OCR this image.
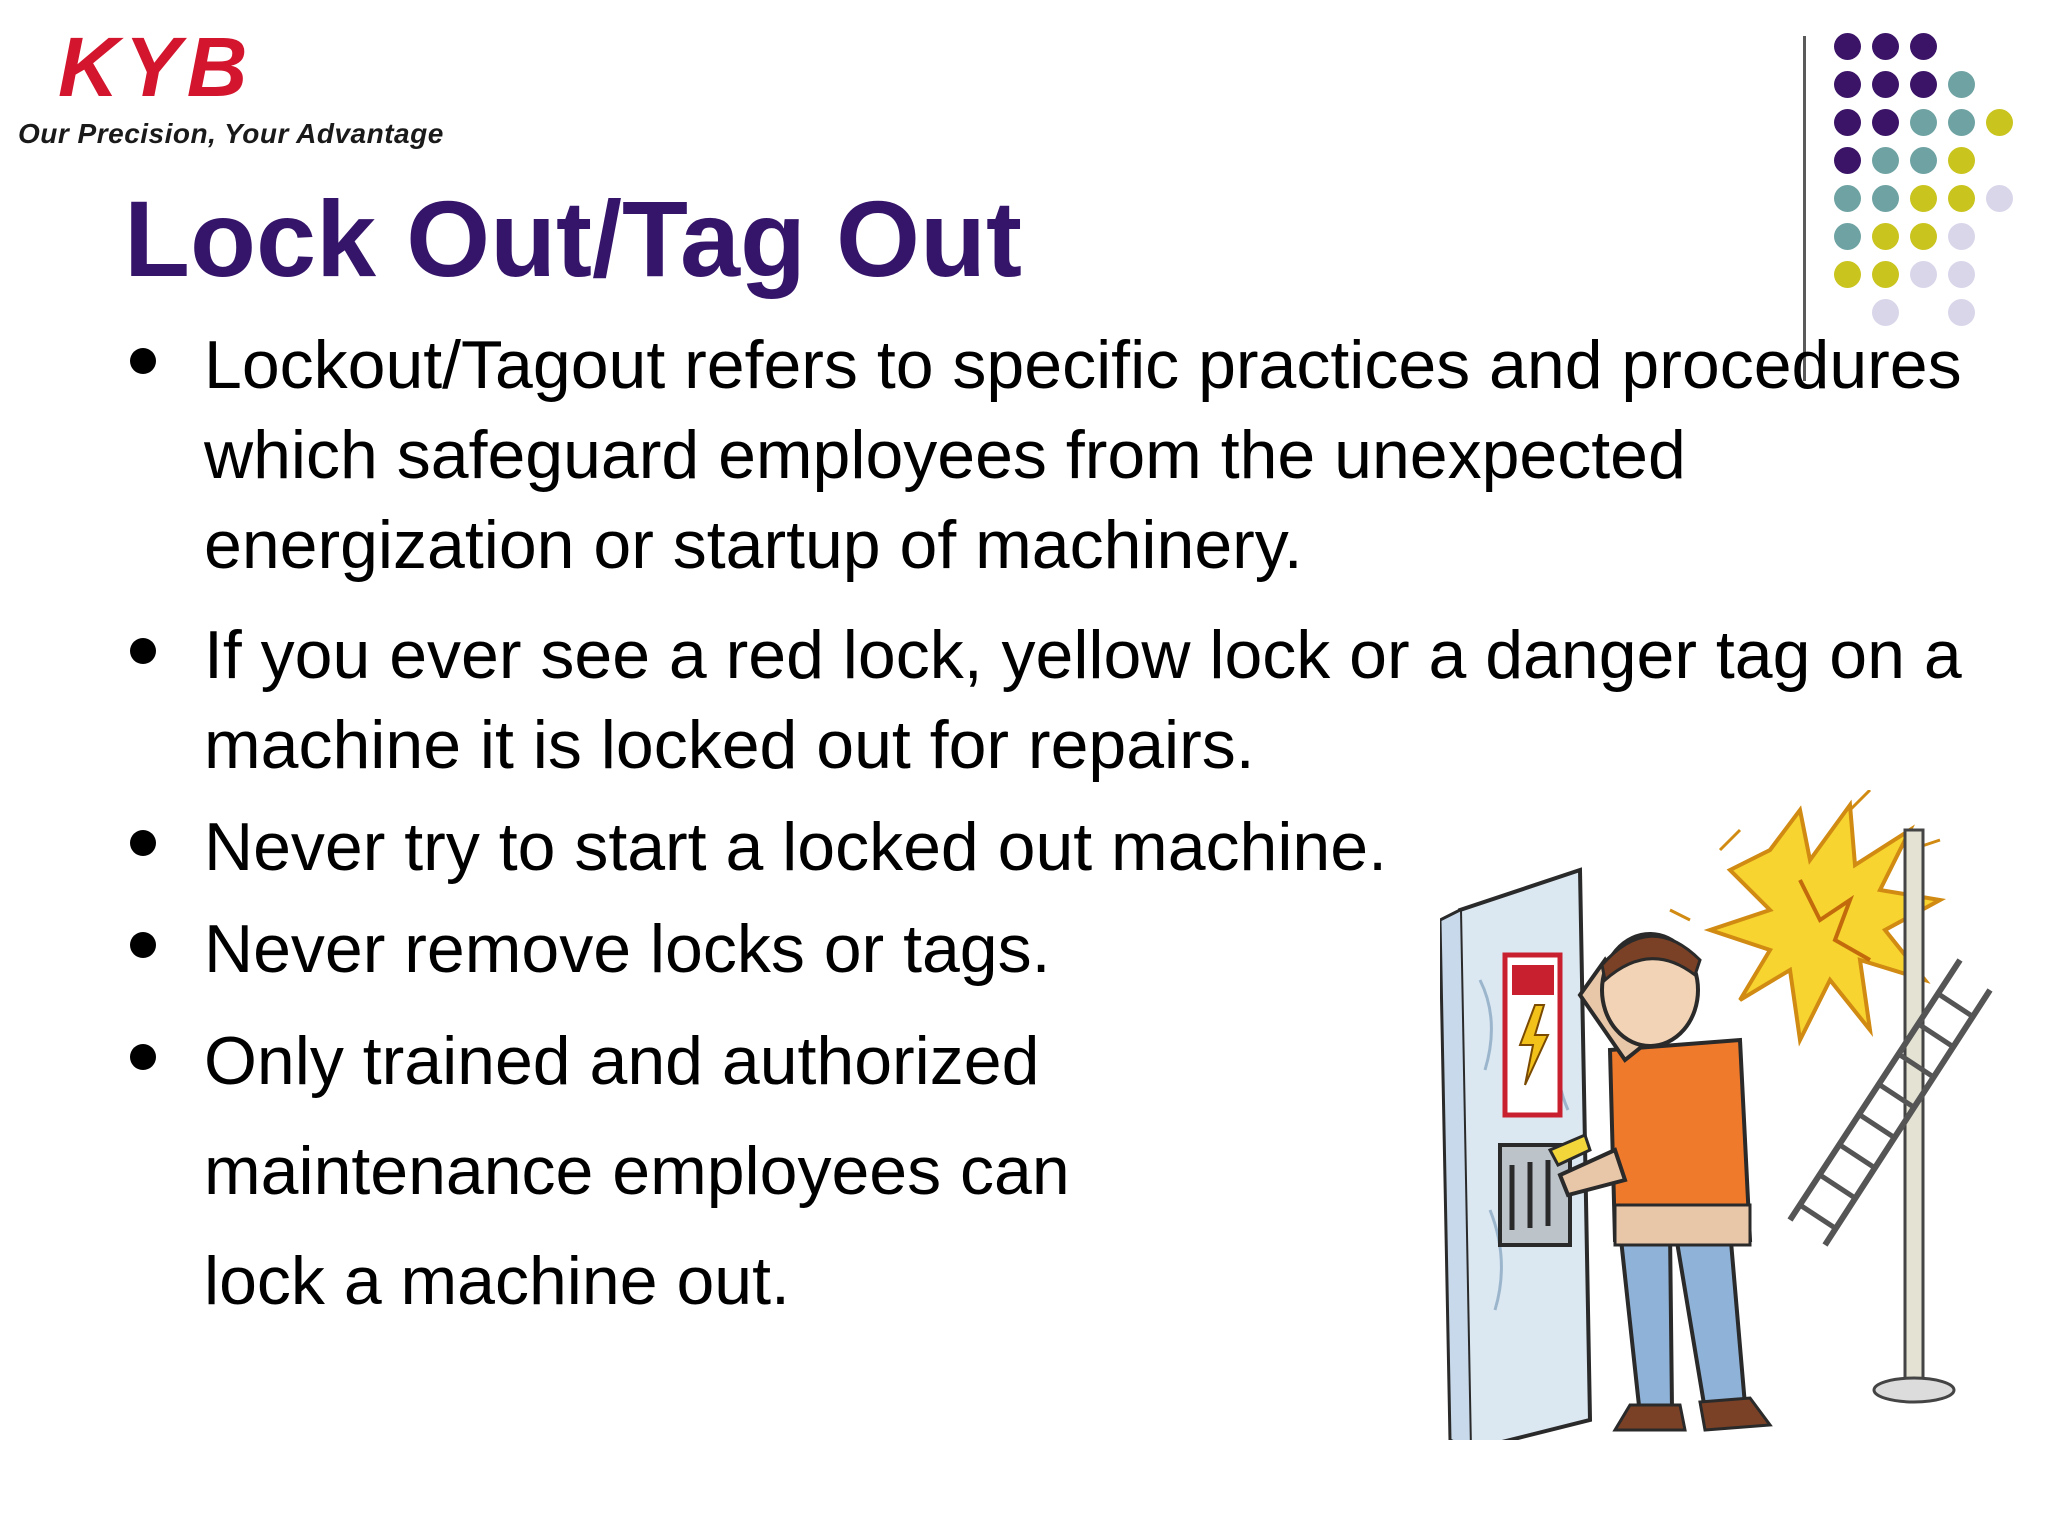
KYB
Our Precision, Your Advantage
Lock Out/Tag Out
Lockout/Tagout refers to specific practices and procedures which safeguard employees from the unexpected energization or startup of machinery.
If you ever see a red lock, yellow lock or a danger tag on a machine it is locked out for repairs.
Never try to start a locked out machine.
Never remove locks or tags.
Only trained and authorized maintenance employees can lock a machine out.
